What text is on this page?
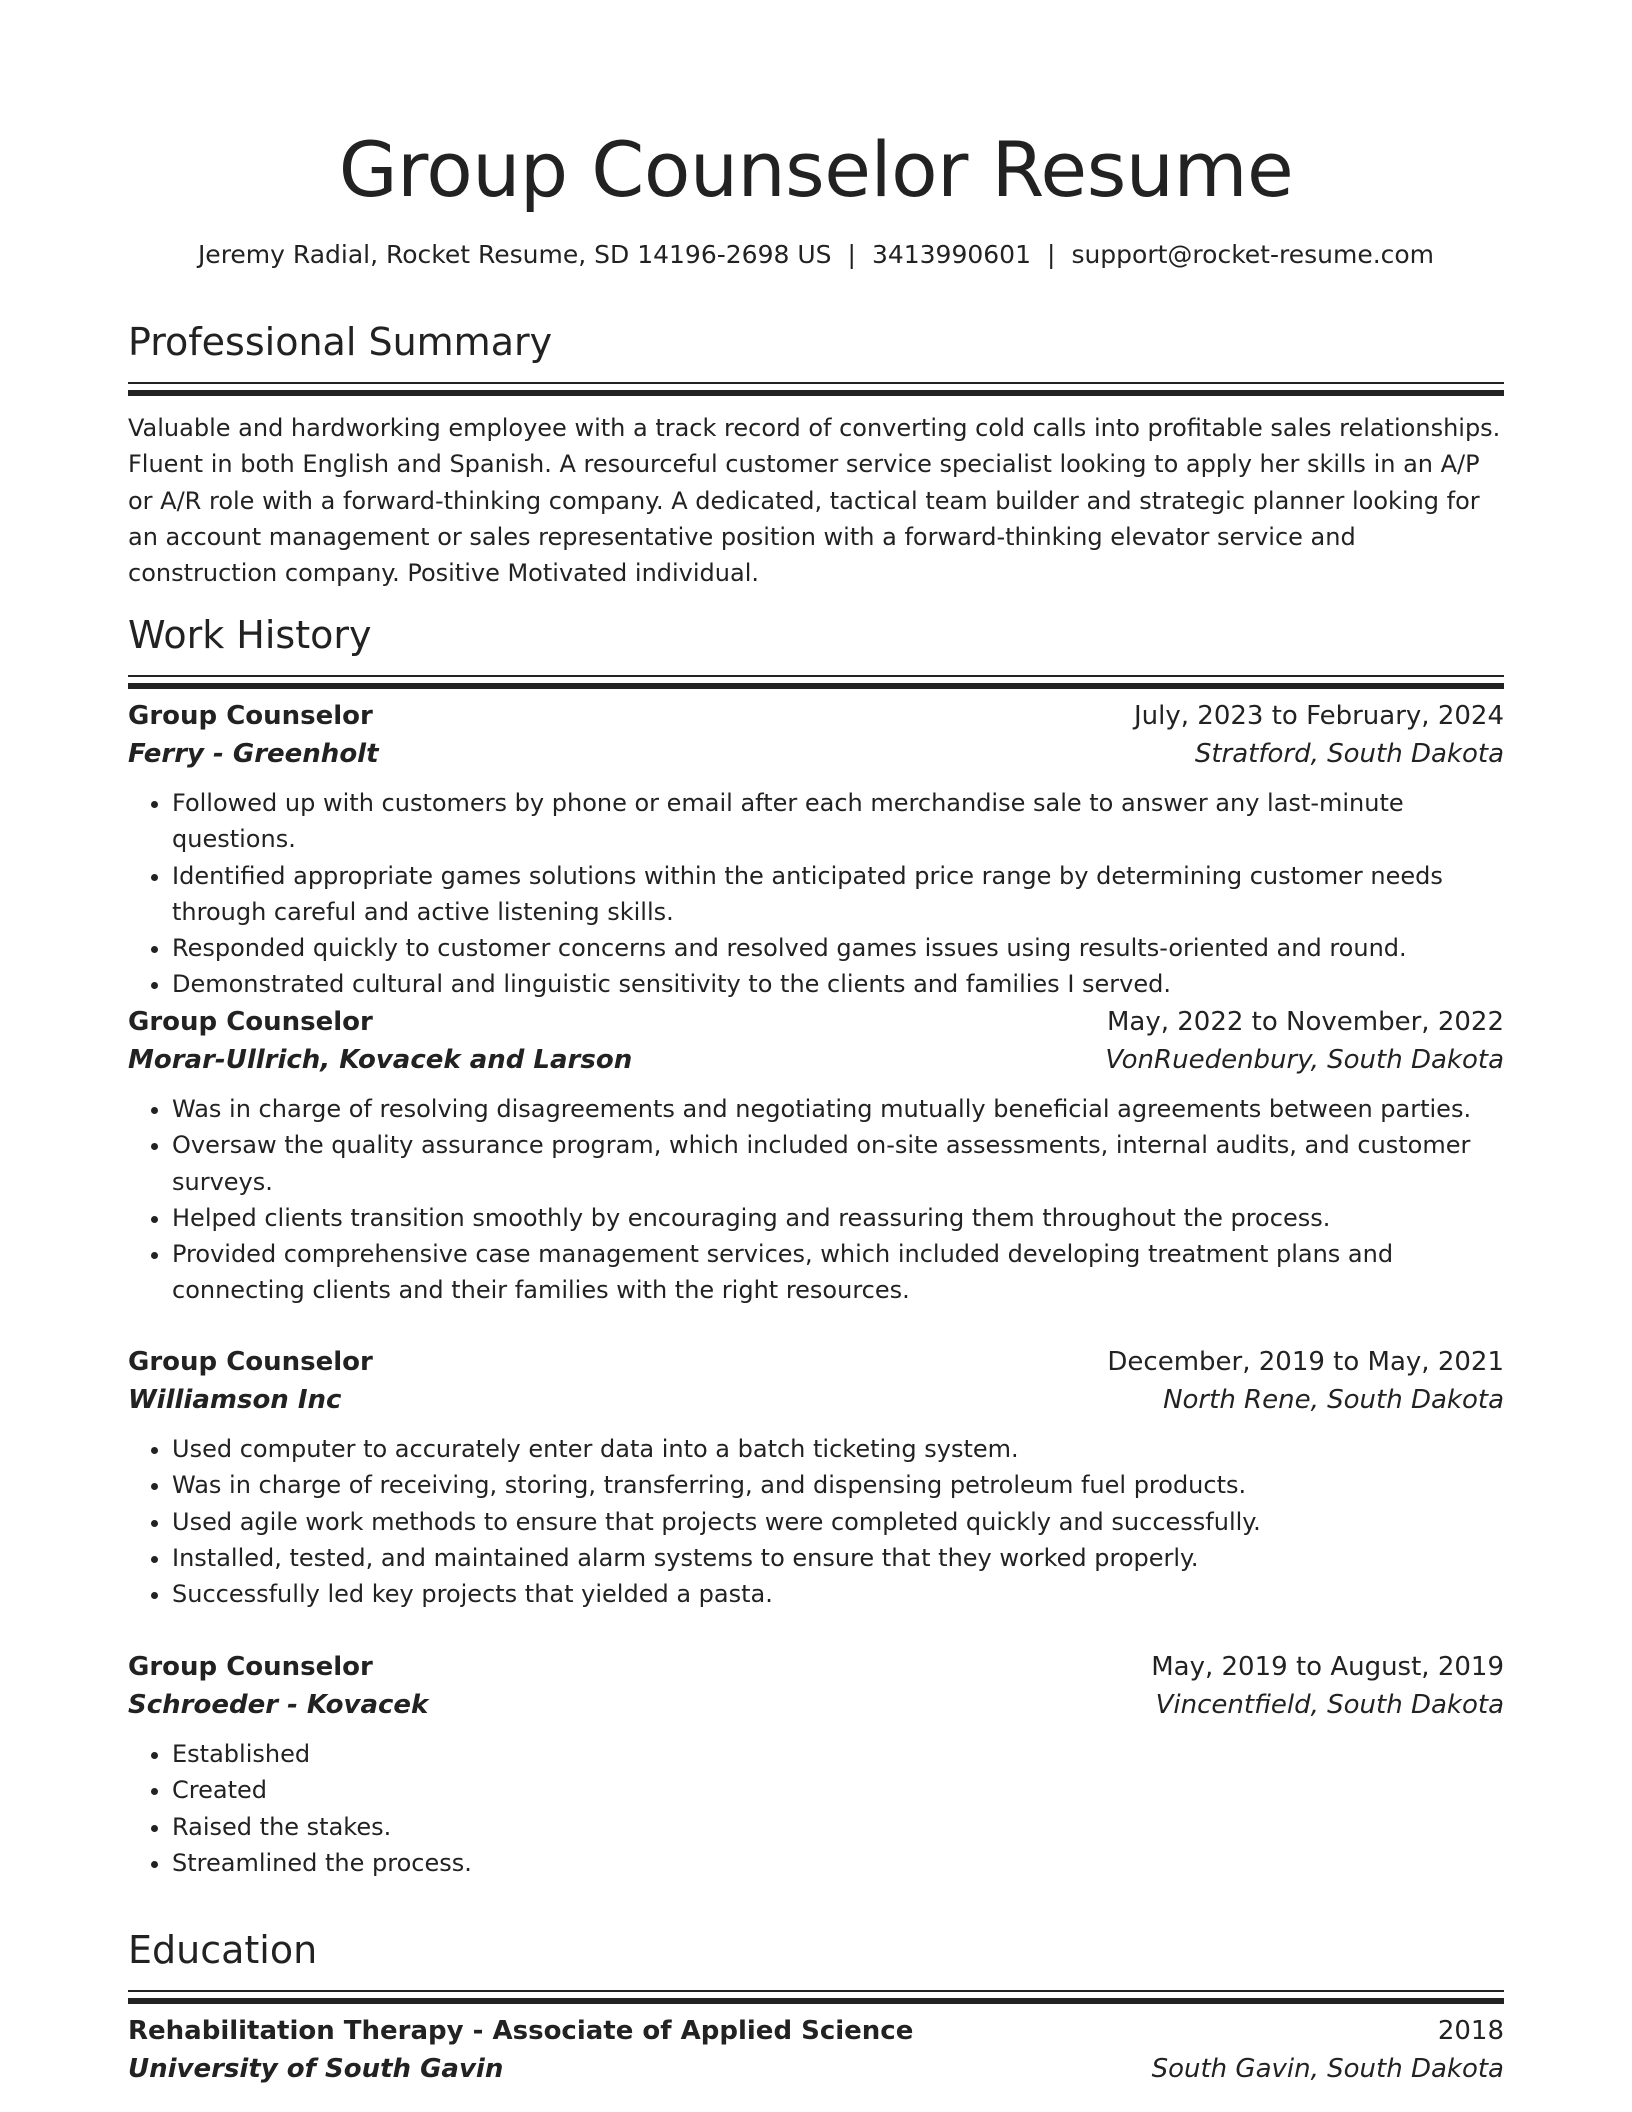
Group Counselor Resume
Jeremy Radial, Rocket Resume, SD 14196-2698 US | 3413990601 | support@rocket-resume.com
Professional Summary
Valuable and hardworking employee with a track record of converting cold calls into profitable sales relationships. Fluent in both English and Spanish. A resourceful customer service specialist looking to apply her skills in an A/P or A/R role with a forward-thinking company. A dedicated, tactical team builder and strategic planner looking for an account management or sales representative position with a forward-thinking elevator service and construction company. Positive Motivated individual.
Work History
Group Counselor	July, 2023 to February, 2024
Ferry - Greenholt	Stratford, South Dakota
• Followed up with customers by phone or email after each merchandise sale to answer any last-minute questions.
• Identified appropriate games solutions within the anticipated price range by determining customer needs through careful and active listening skills.
• Responded quickly to customer concerns and resolved games issues using results-oriented and round.
• Demonstrated cultural and linguistic sensitivity to the clients and families I served.
Group Counselor	May, 2022 to November, 2022
Morar-Ullrich, Kovacek and Larson	VonRuedenbury, South Dakota
• Was in charge of resolving disagreements and negotiating mutually beneficial agreements between parties.
• Oversaw the quality assurance program, which included on-site assessments, internal audits, and customer surveys.
• Helped clients transition smoothly by encouraging and reassuring them throughout the process.
• Provided comprehensive case management services, which included developing treatment plans and connecting clients and their families with the right resources.
Group Counselor	December, 2019 to May, 2021
Williamson Inc	North Rene, South Dakota
• Used computer to accurately enter data into a batch ticketing system.
• Was in charge of receiving, storing, transferring, and dispensing petroleum fuel products.
• Used agile work methods to ensure that projects were completed quickly and successfully.
• Installed, tested, and maintained alarm systems to ensure that they worked properly.
• Successfully led key projects that yielded a pasta.
Group Counselor	May, 2019 to August, 2019
Schroeder - Kovacek	Vincentfield, South Dakota
• Established
• Created
• Raised the stakes.
• Streamlined the process.
Education
Rehabilitation Therapy - Associate of Applied Science	2018
University of South Gavin	South Gavin, South Dakota
